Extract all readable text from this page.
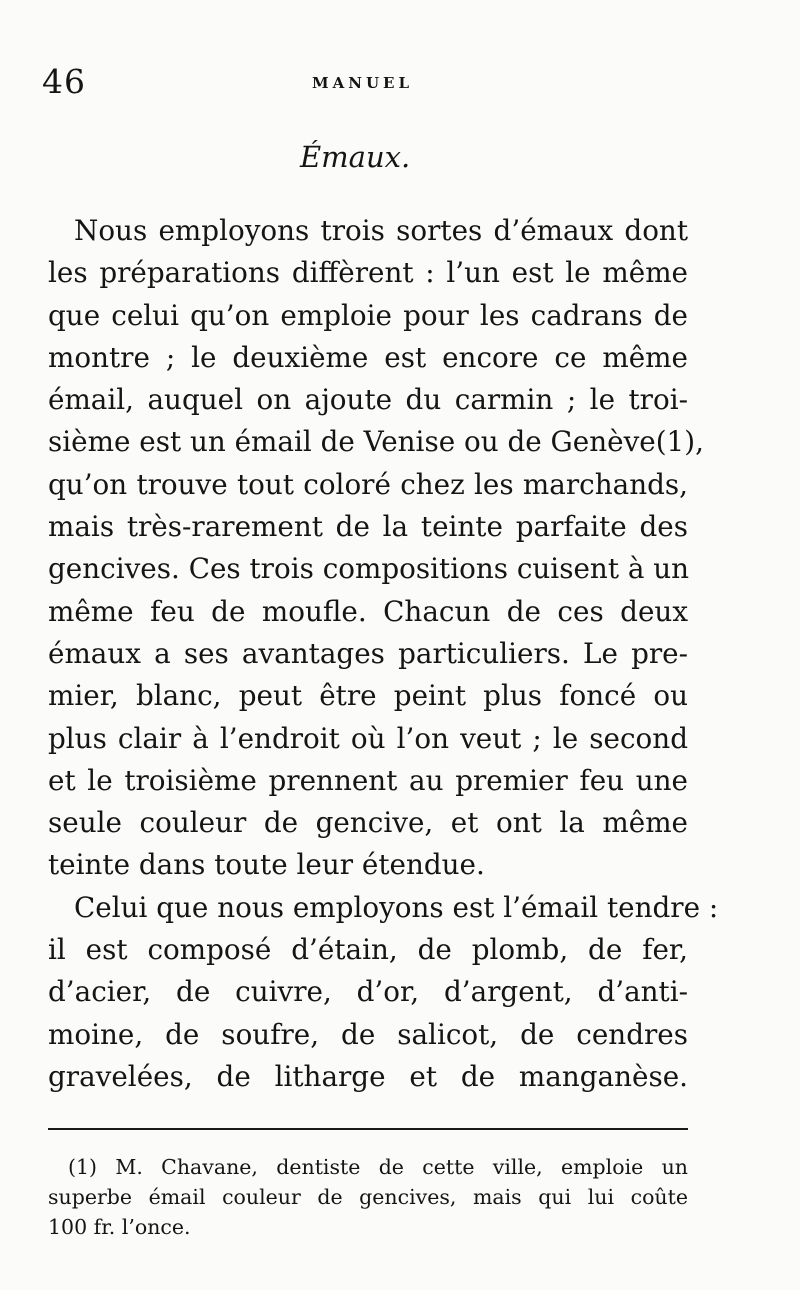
46	MANUEL
Émaux.
Nous employons trois sortes d’émaux dont
les préparations diffèrent : l’un est le même
que celui qu’on emploie pour les cadrans de
montre ; le deuxième est encore ce même
émail, auquel on ajoute du carmin ; le troi-
sième est un émail de Venise ou de Genève(1),
qu’on trouve tout coloré chez les marchands,
mais très-rarement de la teinte parfaite des
gencives. Ces trois compositions cuisent à un
même feu de moufle. Chacun de ces deux
émaux a ses avantages particuliers. Le pre-
mier, blanc, peut être peint plus foncé ou
plus clair à l’endroit où l’on veut ; le second
et le troisième prennent au premier feu une
seule couleur de gencive, et ont la même
teinte dans toute leur étendue.
Celui que nous employons est l’émail tendre :
il est composé d’étain, de plomb, de fer,
d’acier, de cuivre, d’or, d’argent, d’anti-
moine, de soufre, de salicot, de cendres
gravelées, de litharge et de manganèse.
(1) M. Chavane, dentiste de cette ville, emploie un
superbe émail couleur de gencives, mais qui lui coûte
100 fr. l’once.
